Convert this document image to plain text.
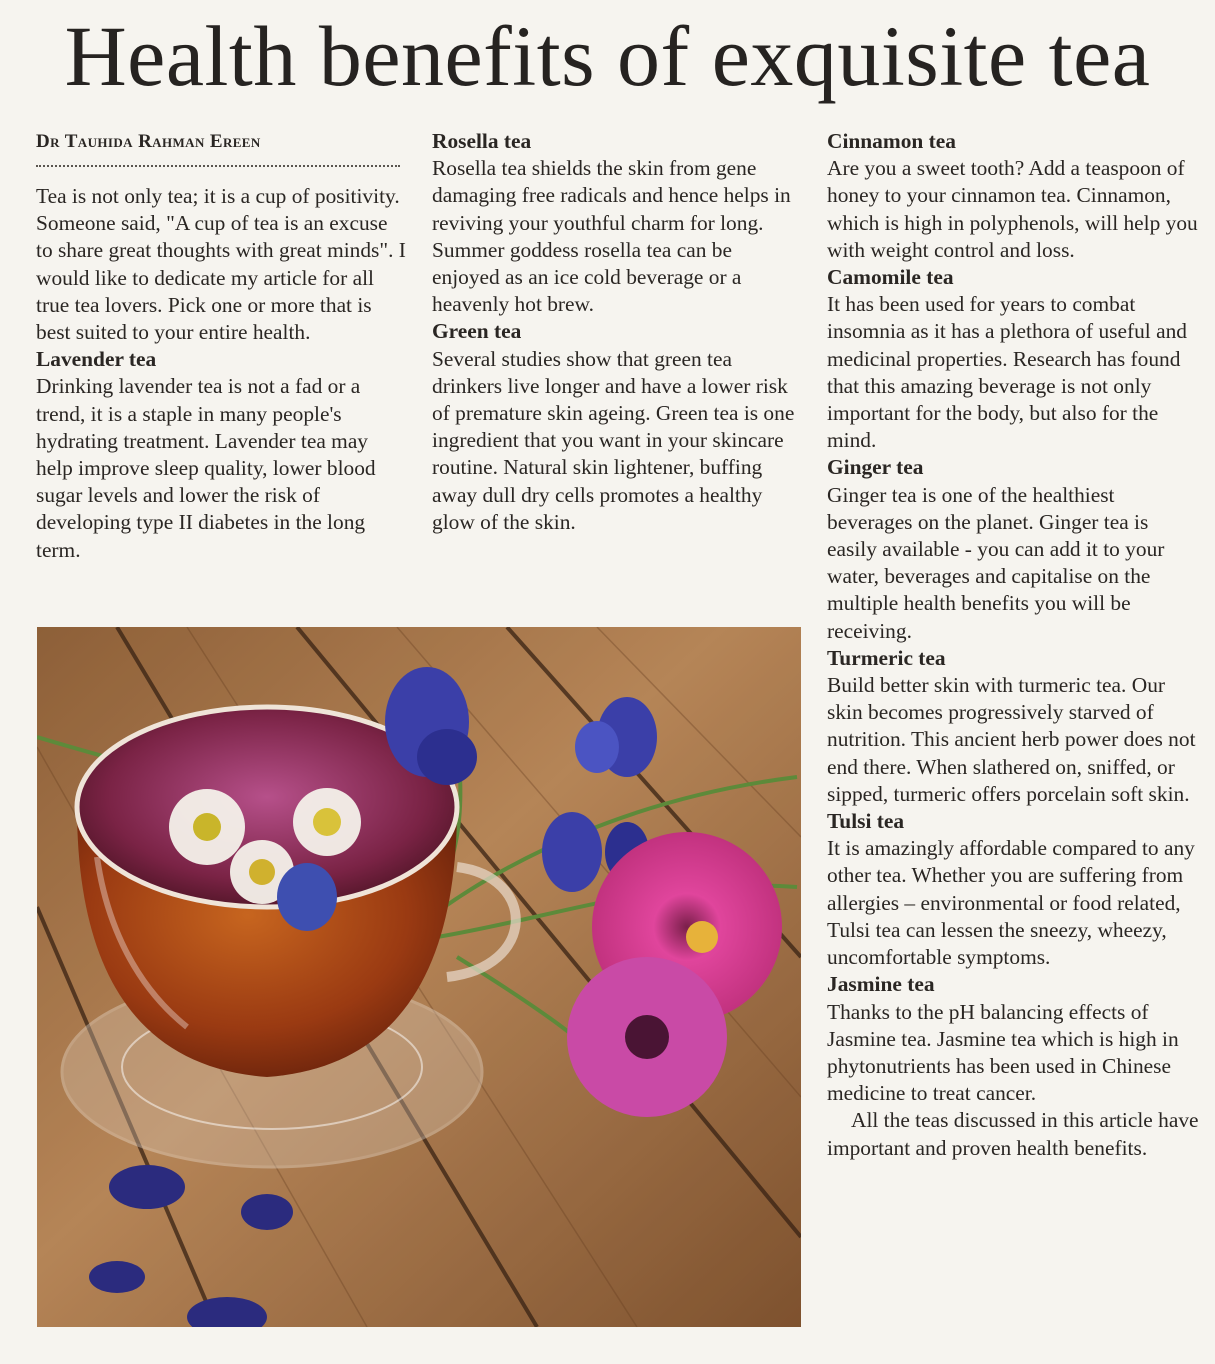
Health benefits of exquisite tea
Dr Tauhida Rahman Ereen

Tea is not only tea; it is a cup of positivity. Someone said, "A cup of tea is an excuse to share great thoughts with great minds". I would like to dedicate my article for all true tea lovers. Pick one or more that is best suited to your entire health.

Lavender tea

Drinking lavender tea is not a fad or a trend, it is a staple in many people's hydrating treatment. Lavender tea may help improve sleep quality, lower blood sugar levels and lower the risk of developing type II diabetes in the long term.

Rosella tea

Rosella tea shields the skin from gene damaging free radicals and hence helps in reviving your youthful charm for long. Summer goddess rosella tea can be enjoyed as an ice cold beverage or a heavenly hot brew.

Green tea

Several studies show that green tea drinkers live longer and have a lower risk of premature skin ageing. Green tea is one ingredient that you want in your skincare routine. Natural skin lightener, buffing away dull dry cells promotes a healthy glow of the skin.

Cinnamon tea

Are you a sweet tooth? Add a teaspoon of honey to your cinnamon tea. Cinnamon, which is high in polyphenols, will help you with weight control and loss.

Camomile tea

It has been used for years to combat insomnia as it has a plethora of useful and medicinal properties. Research has found that this amazing beverage is not only important for the body, but also for the mind.

Ginger tea

Ginger tea is one of the healthiest beverages on the planet. Ginger tea is easily available - you can add it to your water, beverages and capitalise on the multiple health benefits you will be receiving.

Turmeric tea

Build better skin with turmeric tea. Our skin becomes progressively starved of nutrition. This ancient herb power does not end there. When slathered on, sniffed, or sipped, turmeric offers porcelain soft skin.

Tulsi tea

It is amazingly affordable compared to any other tea. Whether you are suffering from allergies – environmental or food related, Tulsi tea can lessen the sneezy, wheezy, uncomfortable symptoms.

Jasmine tea

Thanks to the pH balancing effects of Jasmine tea. Jasmine tea which is high in phytonutrients has been used in Chinese medicine to treat cancer.

All the teas discussed in this article have important and proven health benefits.
